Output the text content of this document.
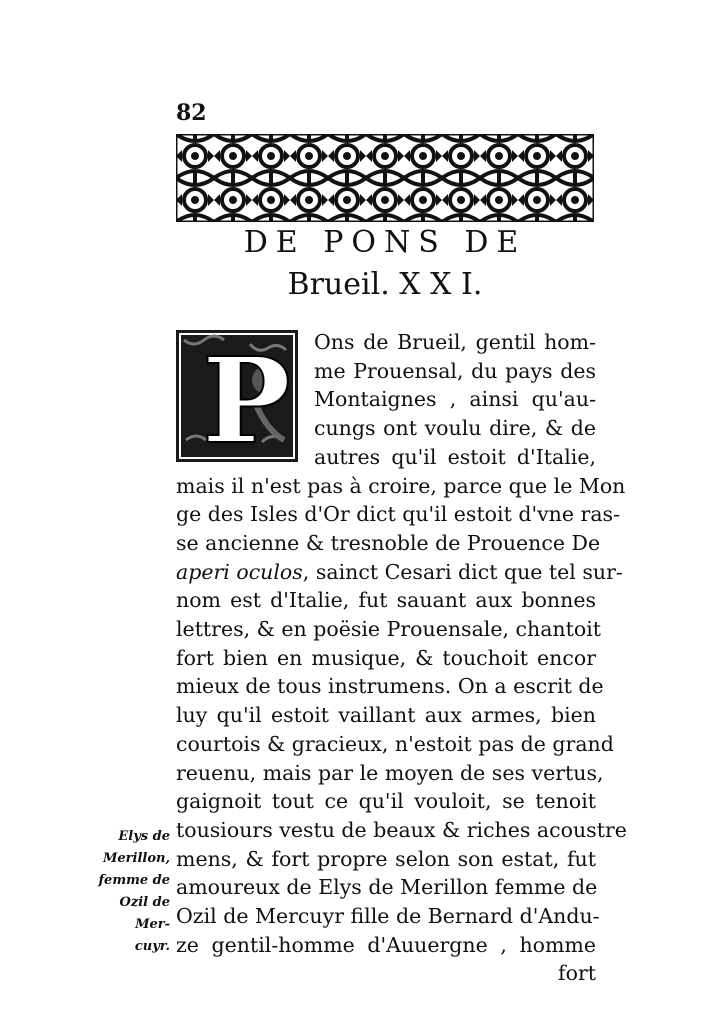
82
DE PONS DE
Brueil. X X I.
P	Ons de Brueil, gentil hom-
me Prouensal, du pays des
Montaignes , ainsi qu'au-
cungs ont voulu dire, & de
autres qu'il estoit d'Italie,
mais il n'est pas à croire, parce que le Mon
ge des Isles d'Or dict qu'il estoit d'vne ras-
se ancienne & tresnoble de Prouence De
aperi oculos, sainct Cesari dict que tel sur-
nom est d'Italie, fut sauant aux bonnes
lettres, & en poësie Prouensale, chantoit
fort bien en musique, & touchoit encor
mieux de tous instrumens. On a escrit de
luy qu'il estoit vaillant aux armes, bien
courtois & gracieux, n'estoit pas de grand
reuenu, mais par le moyen de ses vertus,
gaignoit tout ce qu'il vouloit, se tenoit
tousiours vestu de beaux & riches acoustre
mens, & fort propre selon son estat, fut
amoureux de Elys de Merillon femme de
Ozil de Mercuyr fille de Bernard d'Andu-
ze gentil-homme d'Auuergne , homme
fort
Elys de
Merillon,
femme de
Ozil de
Mer-
cuyr.
